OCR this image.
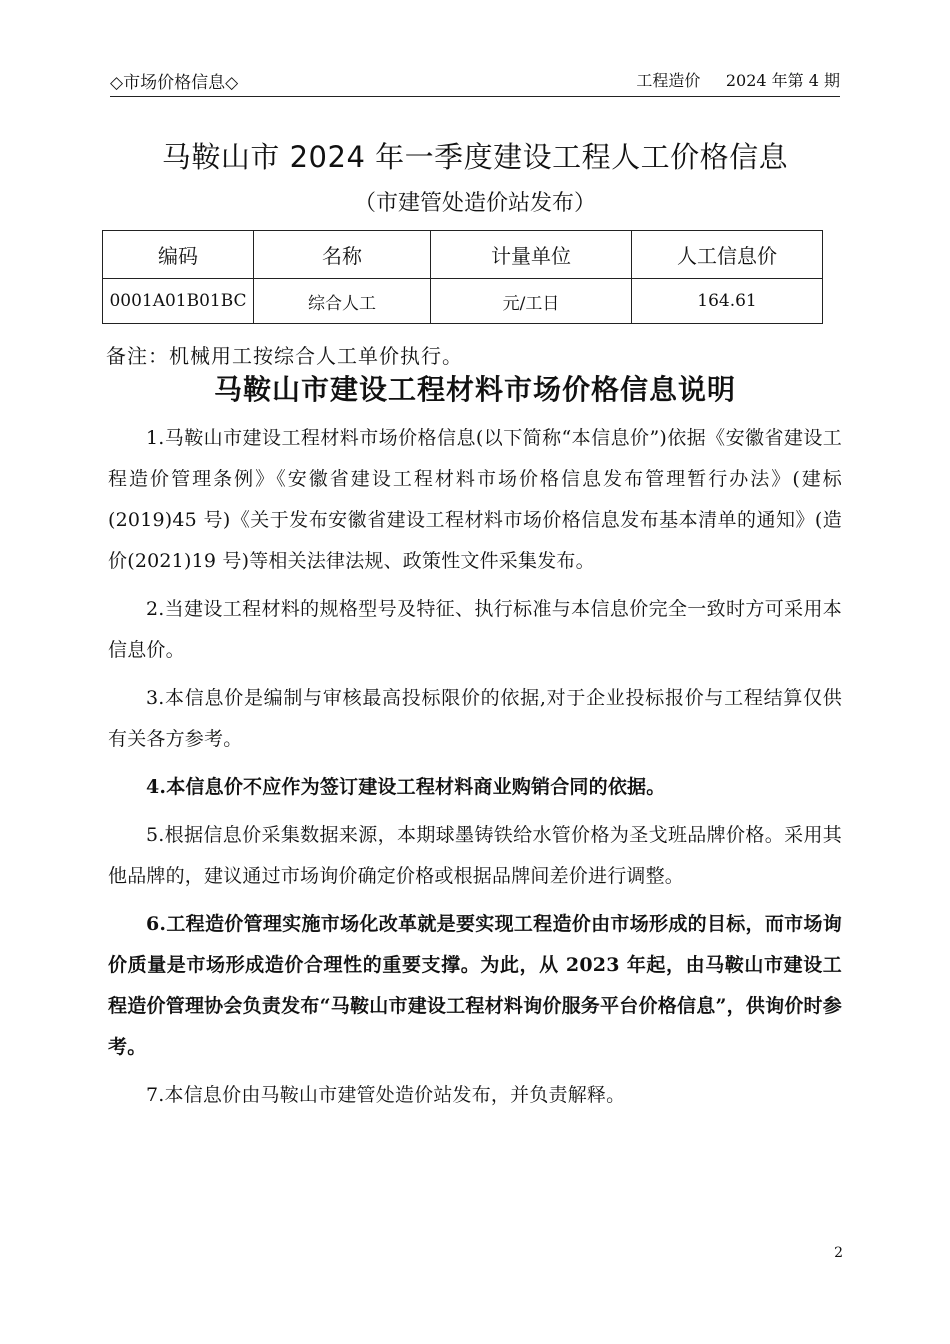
◇市场价格信息◇	工程造价     2024 年第 4 期
马鞍山市 2024 年一季度建设工程人工价格信息
（市建管处造价站发布）
编码	名称	计量单位	人工信息价
0001A01B01BC	综合人工	元/工日	164.61
备注：机械用工按综合人工单价执行。
马鞍山市建设工程材料市场价格信息说明

1.马鞍山市建设工程材料市场价格信息(以下简称“本信息价”)依据《安徽省建设工程造价管理条例》《安徽省建设工程材料市场价格信息发布管理暂行办法》(建标(2019)45 号)《关于发布安徽省建设工程材料市场价格信息发布基本清单的通知》(造价(2021)19 号)等相关法律法规、政策性文件采集发布。

2.当建设工程材料的规格型号及特征、执行标准与本信息价完全一致时方可采用本信息价。

3.本信息价是编制与审核最高投标限价的依据,对于企业投标报价与工程结算仅供有关各方参考。

4.本信息价不应作为签订建设工程材料商业购销合同的依据。

5.根据信息价采集数据来源，本期球墨铸铁给水管价格为圣戈班品牌价格。采用其他品牌的，建议通过市场询价确定价格或根据品牌间差价进行调整。

6.工程造价管理实施市场化改革就是要实现工程造价由市场形成的目标，而市场询价质量是市场形成造价合理性的重要支撑。为此，从 2023 年起，由马鞍山市建设工程造价管理协会负责发布“马鞍山市建设工程材料询价服务平台价格信息”，供询价时参考。

7.本信息价由马鞍山市建管处造价站发布，并负责解释。

2
